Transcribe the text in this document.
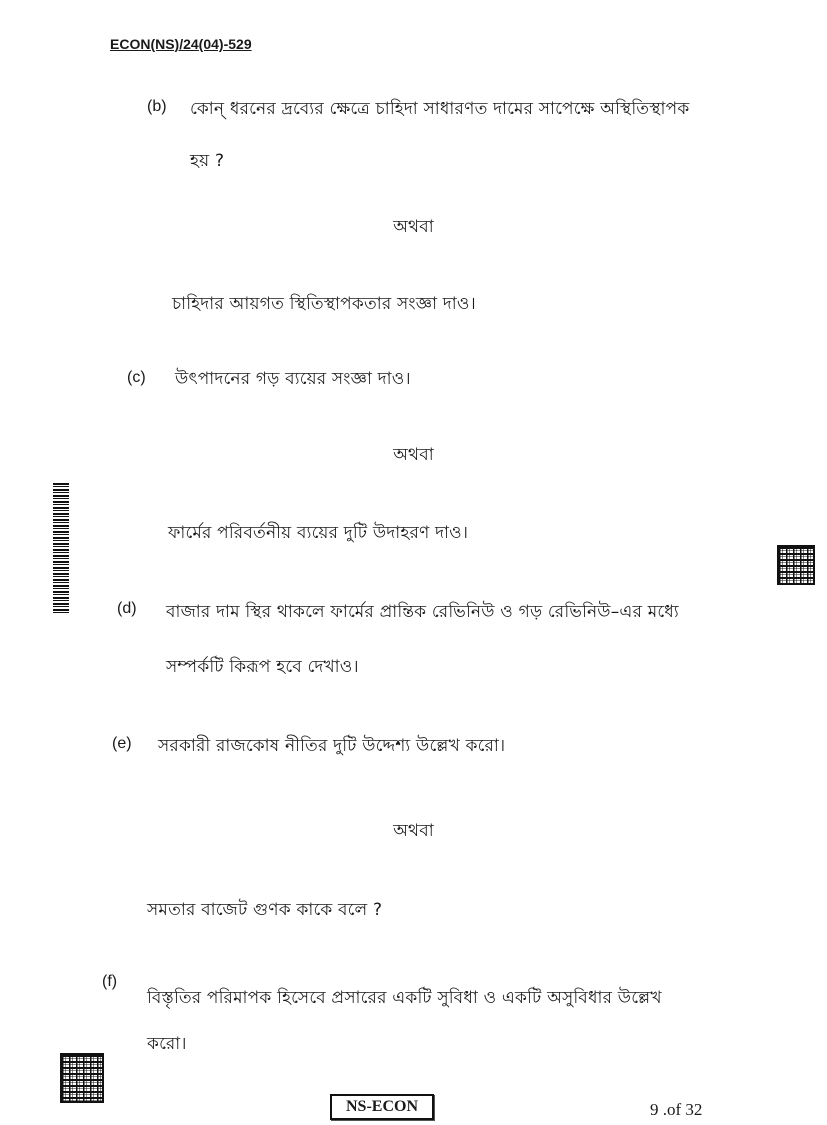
ECON(NS)/24(04)-529
(b) কোন্ ধরনের দ্রব্যের ক্ষেত্রে চাহিদা সাধারণত দামের সাপেক্ষে অস্থিতিস্থাপক
হয় ?
অথবা
চাহিদার আয়গত স্থিতিস্থাপকতার সংজ্ঞা দাও।
(c) উৎপাদনের গড় ব্যয়ের সংজ্ঞা দাও।
অথবা
ফার্মের পরিবর্তনীয় ব্যয়ের দুটি উদাহরণ দাও।
(d) বাজার দাম স্থির থাকলে ফার্মের প্রান্তিক রেভিনিউ ও গড় রেভিনিউ–এর মধ্যে
সম্পর্কটি কিরূপ হবে দেখাও।
(e) সরকারী রাজকোষ নীতির দুটি উদ্দেশ্য উল্লেখ করো।
অথবা
সমতার বাজেট গুণক কাকে বলে ?
(f)
বিস্তৃতির পরিমাপক হিসেবে প্রসারের একটি সুবিধা ও একটি অসুবিধার উল্লেখ
করো।
NS-ECON	9 .of 32
